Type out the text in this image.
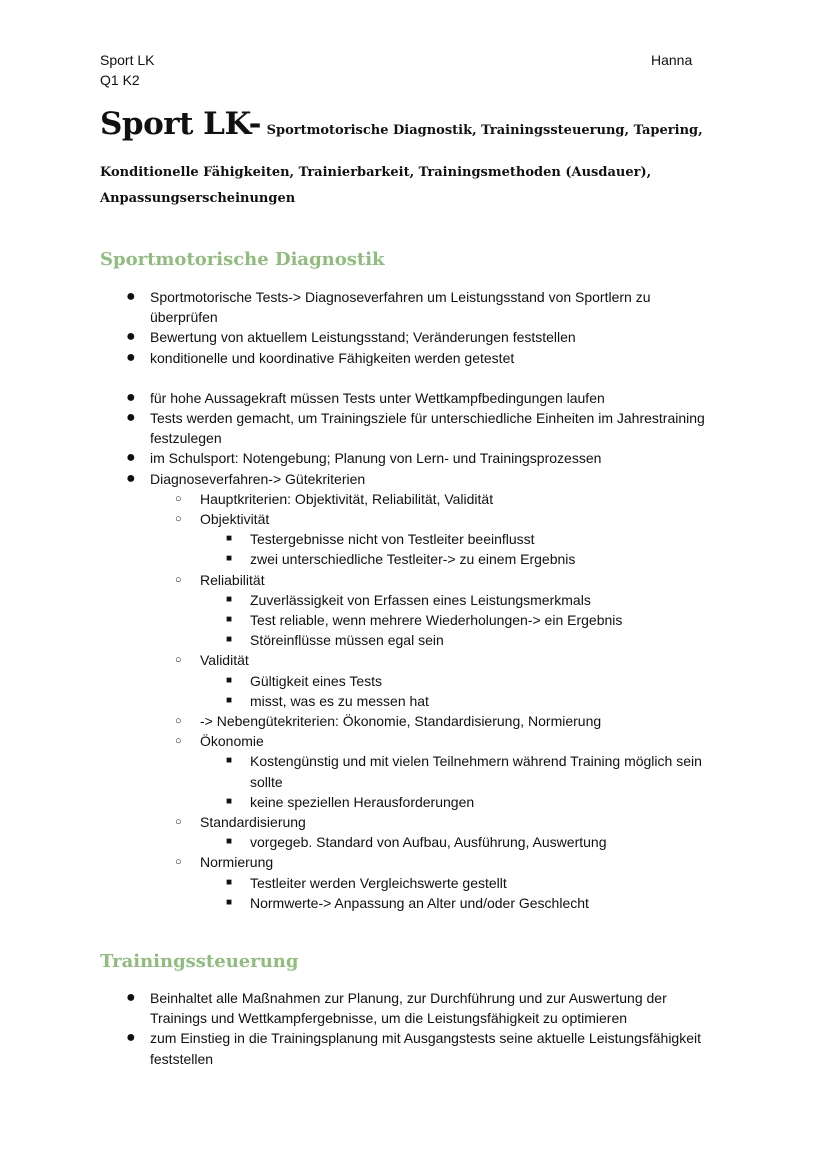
Sport LK
Q1 K2
Hanna
Sport LK- Sportmotorische Diagnostik, Trainingssteuerung, Tapering,
Konditionelle Fähigkeiten, Trainierbarkeit, Trainingsmethoden (Ausdauer),
Anpassungserscheinungen
Sportmotorische Diagnostik
● Sportmotorische Tests-> Diagnoseverfahren um Leistungsstand von Sportlern zu überprüfen
● Bewertung von aktuellem Leistungsstand; Veränderungen feststellen
● konditionelle und koordinative Fähigkeiten werden getestet
● für hohe Aussagekraft müssen Tests unter Wettkampfbedingungen laufen
● Tests werden gemacht, um Trainingsziele für unterschiedliche Einheiten im Jahrestraining festzulegen
● im Schulsport: Notengebung; Planung von Lern- und Trainingsprozessen
● Diagnoseverfahren-> Gütekriterien
○ Hauptkriterien: Objektivität, Reliabilität, Validität
○ Objektivität
■ Testergebnisse nicht von Testleiter beeinflusst
■ zwei unterschiedliche Testleiter-> zu einem Ergebnis
○ Reliabilität
■ Zuverlässigkeit von Erfassen eines Leistungsmerkmals
■ Test reliable, wenn mehrere Wiederholungen-> ein Ergebnis
■ Störeinflüsse müssen egal sein
○ Validität
■ Gültigkeit eines Tests
■ misst, was es zu messen hat
○ -> Nebengütekriterien: Ökonomie, Standardisierung, Normierung
○ Ökonomie
■ Kostengünstig und mit vielen Teilnehmern während Training möglich sein sollte
■ keine speziellen Herausforderungen
○ Standardisierung
■ vorgegeb. Standard von Aufbau, Ausführung, Auswertung
○ Normierung
■ Testleiter werden Vergleichswerte gestellt
■ Normwerte-> Anpassung an Alter und/oder Geschlecht
Trainingssteuerung
● Beinhaltet alle Maßnahmen zur Planung, zur Durchführung und zur Auswertung der Trainings und Wettkampfergebnisse, um die Leistungsfähigkeit zu optimieren
● zum Einstieg in die Trainingsplanung mit Ausgangstests seine aktuelle Leistungsfähigkeit feststellen
